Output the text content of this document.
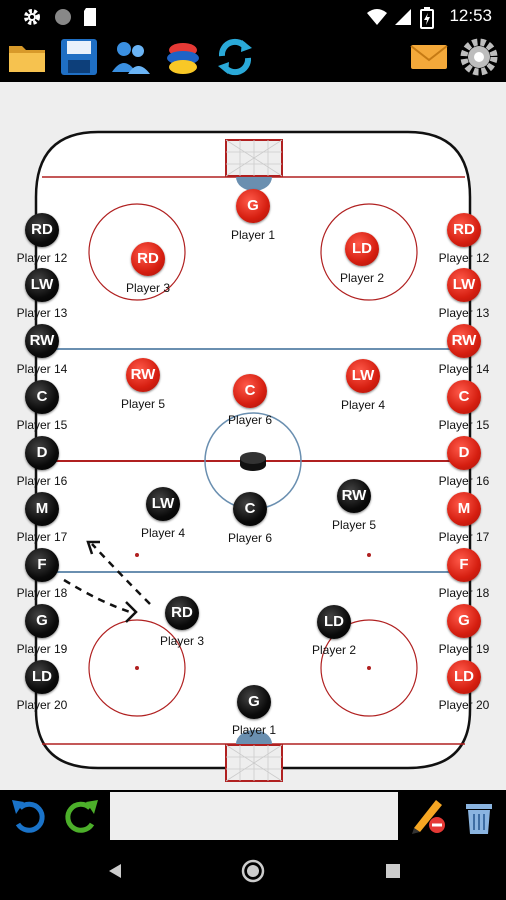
12:53
RD
Player 12
LW
Player 13
RW
Player 14
C
Player 15
D
Player 16
M
Player 17
F
Player 18
G
Player 19
LD
Player 20
RD
Player 12
LW
Player 13
RW
Player 14
C
Player 15
D
Player 16
M
Player 17
F
Player 18
G
Player 19
LD
Player 20
G
Player 1
RD
Player 3
LD
Player 2
RW
Player 5
C
Player 6
LW
Player 4
LW
Player 4
C
Player 6
RW
Player 5
RD
Player 3
LD
Player 2
G
Player 1
